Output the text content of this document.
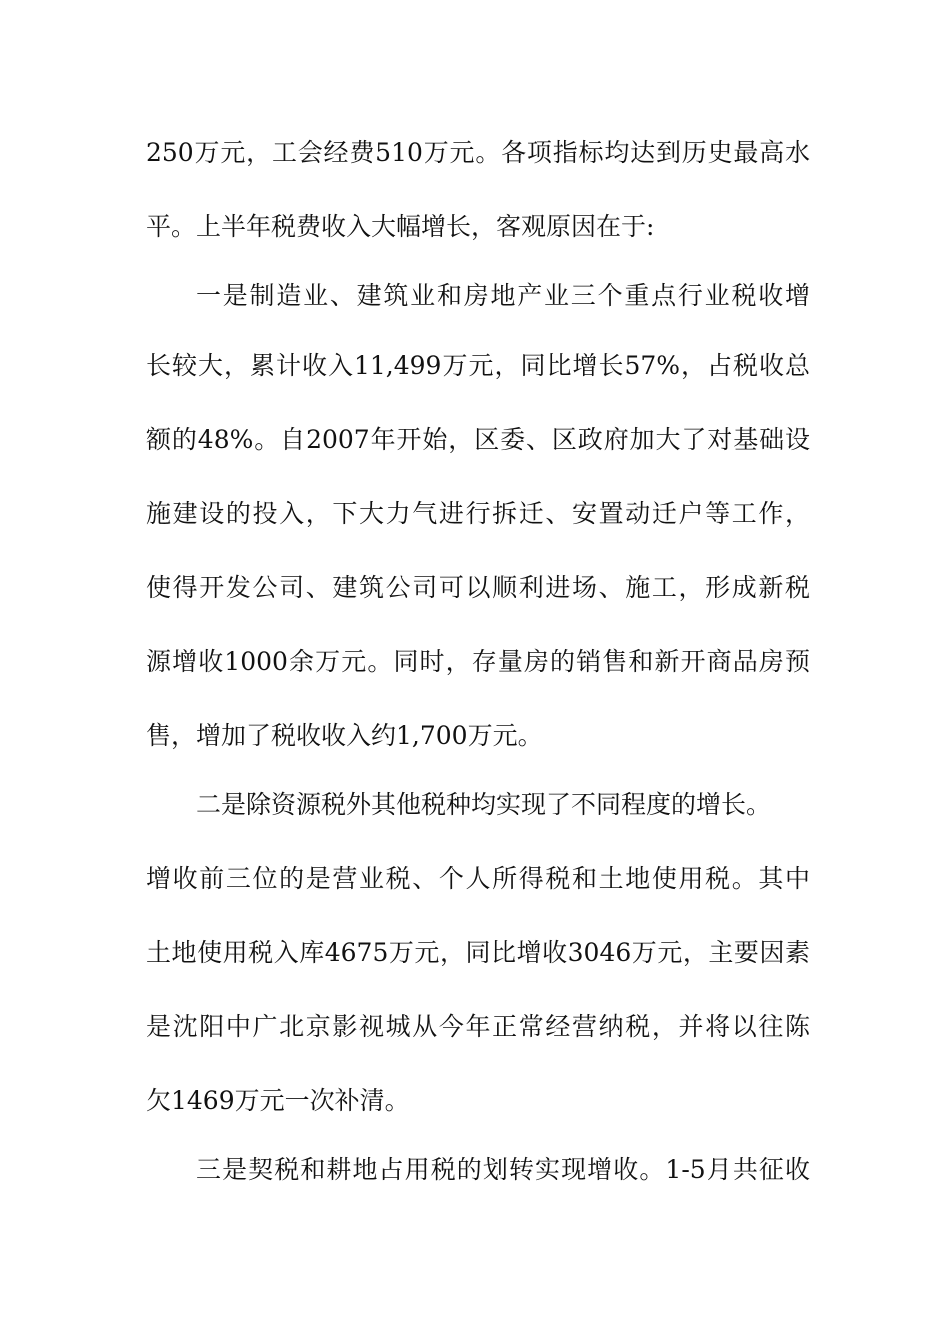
250万元，工会经费510万元。各项指标均达到历史最高水
平。上半年税费收入大幅增长，客观原因在于:
一是制造业、建筑业和房地产业三个重点行业税收增
长较大，累计收入11,499万元，同比增长57%，占税收总
额的48%。自2007年开始，区委、区政府加大了对基础设
施建设的投入，下大力气进行拆迁、安置动迁户等工作，
使得开发公司、建筑公司可以顺利进场、施工，形成新税
源增收1000余万元。同时，存量房的销售和新开商品房预
售，增加了税收收入约1,700万元。
二是除资源税外其他税种均实现了不同程度的增长。
增收前三位的是营业税、个人所得税和土地使用税。其中
土地使用税入库4675万元，同比增收3046万元，主要因素
是沈阳中广北京影视城从今年正常经营纳税，并将以往陈
欠1469万元一次补清。
三是契税和耕地占用税的划转实现增收。1-5月共征收
